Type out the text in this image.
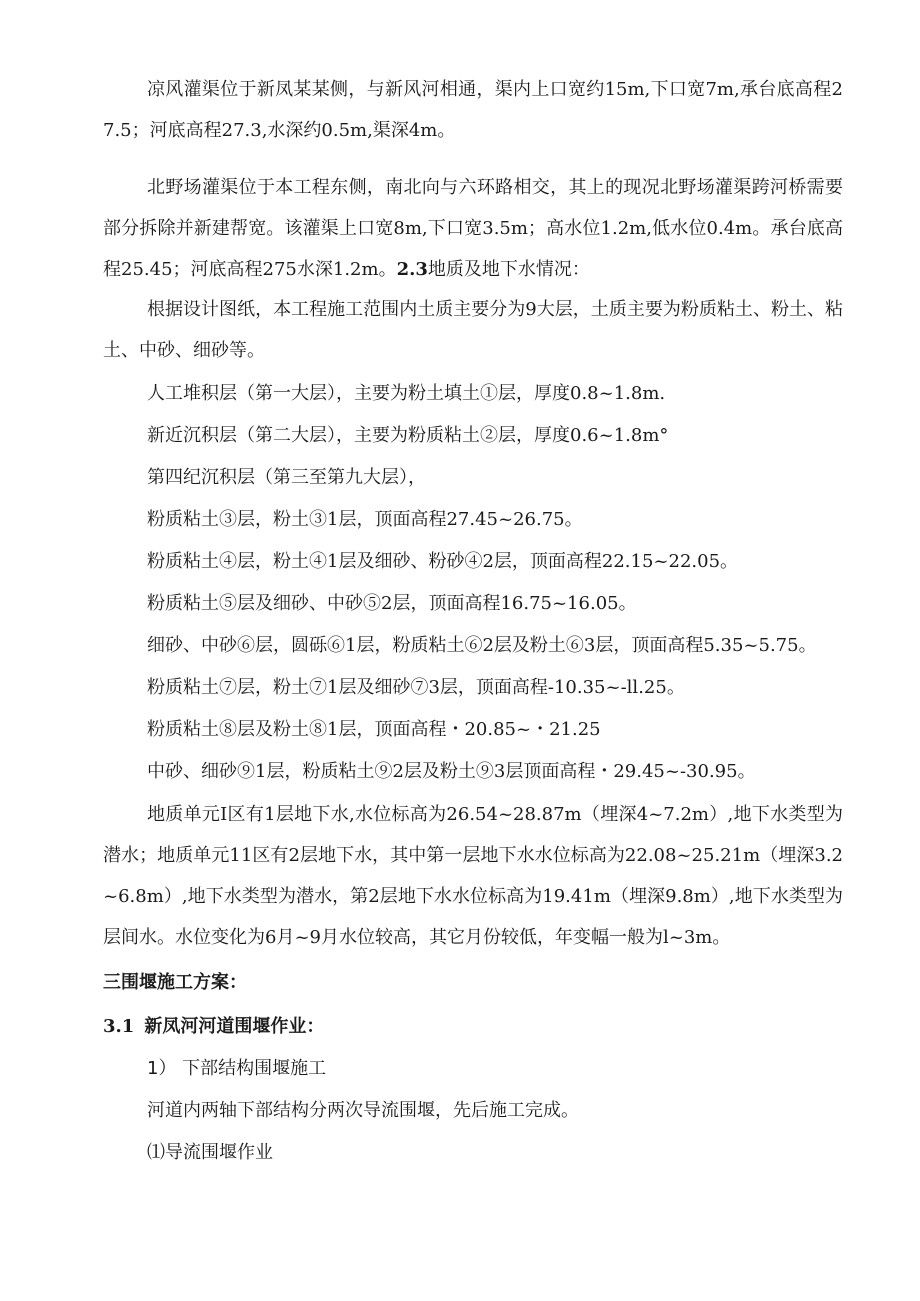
凉风灌渠位于新凤某某侧，与新风河相通，渠内上口宽约15m,下口宽7m,承台底高程27.5；河底高程27.3,水深约0.5m,渠深4m。

北野场灌渠位于本工程东侧，南北向与六环路相交，其上的现况北野场灌渠跨河桥需要部分拆除并新建帮宽。该灌渠上口宽8m,下口宽3.5m；高水位1.2m,低水位0.4m。承台底高程25.45；河底高程275水深1.2m。2.3地质及地下水情况：

根据设计图纸，本工程施工范围内土质主要分为9大层，土质主要为粉质粘土、粉土、粘土、中砂、细砂等。

人工堆积层（第一大层），主要为粉土填土①层，厚度0.8~1.8m.

新近沉积层（第二大层），主要为粉质粘土②层，厚度0.6~1.8m°

第四纪沉积层（第三至第九大层），

粉质粘土③层，粉土③1层，顶面高程27.45~26.75。

粉质粘土④层，粉土④1层及细砂、粉砂④2层，顶面高程22.15~22.05。

粉质粘土⑤层及细砂、中砂⑤2层，顶面高程16.75~16.05。

细砂、中砂⑥层，圆砾⑥1层，粉质粘土⑥2层及粉土⑥3层，顶面高程5.35~5.75。

粉质粘土⑦层，粉土⑦1层及细砂⑦3层，顶面高程-10.35~-ll.25。

粉质粘土⑧层及粉土⑧1层，顶面高程・20.85~・21.25

中砂、细砂⑨1层，粉质粘土⑨2层及粉土⑨3层顶面高程・29.45~-30.95。

地质单元I区有1层地下水,水位标高为26.54~28.87m（埋深4~7.2m）,地下水类型为潜水；地质单元11区有2层地下水，其中第一层地下水水位标高为22.08~25.21m（埋深3.2~6.8m）,地下水类型为潜水，第2层地下水水位标高为19.41m（埋深9.8m）,地下水类型为层间水。水位变化为6月~9月水位较高，其它月份较低，年变幅一般为l~3m。

三围堰施工方案：

3.1 新凤河河道围堰作业：

1） 下部结构围堰施工

河道内两轴下部结构分两次导流围堰，先后施工完成。

⑴导流围堰作业
